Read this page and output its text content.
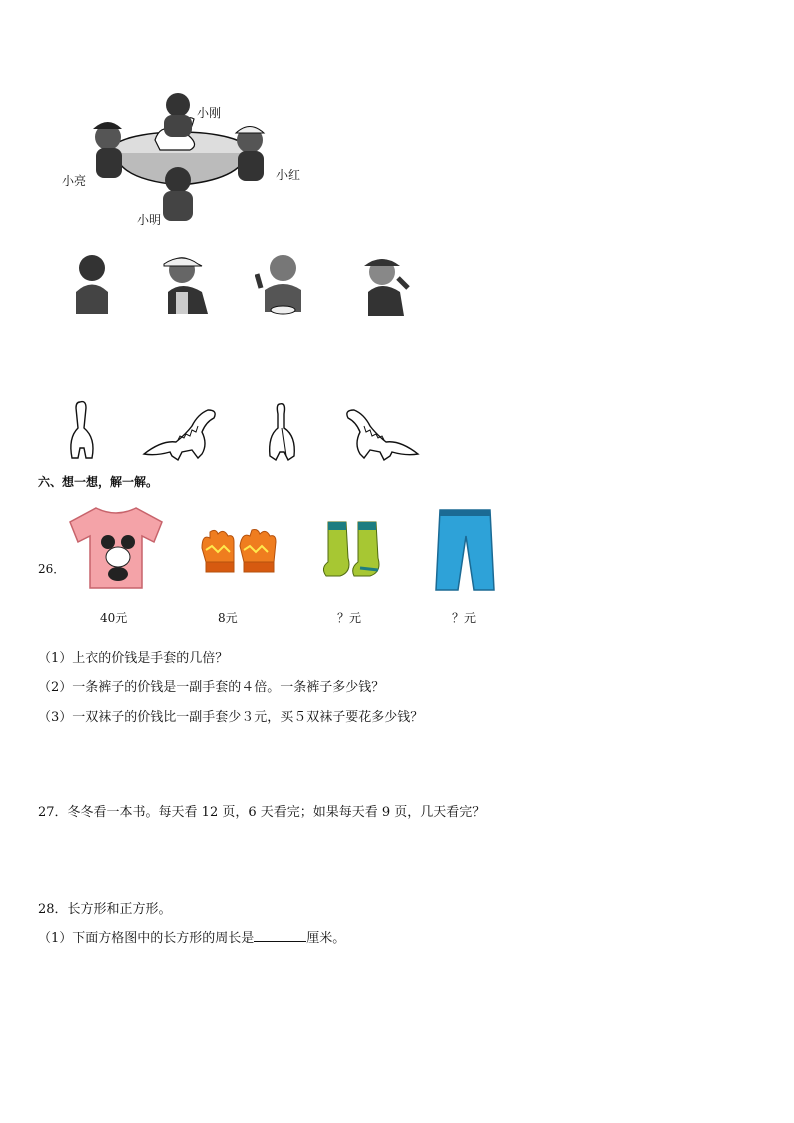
小刚
小亮	小红
小明
六、想一想，解一解。
26．
40元	8元	？元	？元
（1）上衣的价钱是手套的几倍？
（2）一条裤子的价钱是一副手套的４倍。一条裤子多少钱？
（3）一双袜子的价钱比一副手套少３元，买５双袜子要花多少钱？
27．冬冬看一本书。每天看 12 页，6 天看完；如果每天看 9 页，几天看完？
28．长方形和正方形。
（1）下面方格图中的长方形的周长是	厘米。
